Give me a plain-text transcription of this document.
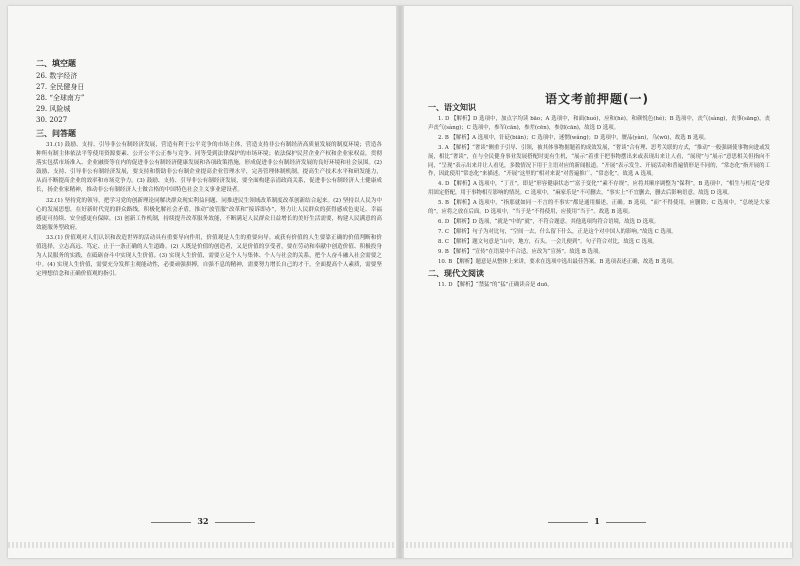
二、填空题
26. 数字经济
27. 全民健身日
28. “全球南方”
29. 风险城
30. 2027
三、问答题

31.(1) 鼓励、支持、引导非公有制经济发展，营造有利于公平竞争的市场主体，营造支持非公有制经济高质量发展的制度环境；营造各种所有制主体依法平等使用资源要素、公开公平公正参与竞争、同等受到法律保护的市场环境；依法保护民营企业产权和企业家权益，贯彻落实包括市场准入、企业融资等在内的促进非公有制经济健康发展和各项政策措施，形成促进非公有制经济发展的良好环境和社会氛围。(2) 鼓励、支持、引导非公有制经济发展，要支持和帮助非公有制企业提高企业管理水平，完善管理体制机制，提高生产技术水平和研发能力，从而不断提高企业的效率和市场竞争力。(3) 鼓励、支持、引导非公有制经济发展，要全面构建亲清政商关系，促进非公有制经济人士健康成长，扬企业家精神，推动非公有制经济人士做合格的中国特色社会主义事业建设者。

32.(1) 坚持党的领导，把学习党的创新理论同解决群众现实利益问题、同推进民生领域改革制度改革创新结合起来。(2) 坚持以人民为中心的发展思想，在好新时代党的群众路线，积极化解社会矛盾，推动“放管服”改革和“接诉即办”，努力让人民群众的获得感成色更足、幸福感更可持续、安全感更有保障。(3) 创新工作机制，持续提升改革服务效能，不断满足人民群众日益增长的美好生活需要，构建人民满意的高效能服务型政府。

33.(1) 价值观对人们认识和改造世界的活动具有重要导向作用，价值观是人生的重要向导。或获有价值的人生要靠正确的价值判断和价值选择，立志高远、笃定、止于一条正确的人生道路。(2) 人既是价值的创造者，又是价值的享受者，要在劳动和奉献中创造价值、积极投身为人民服务的实践，在砥砺奋斗中实现人生价值。(3) 实现人生价值，需要立足个人与集体、个人与社会的关系，把个人奋斗融入社会需要之中。(4) 实现人生价值，需要充分发挥主观能动性，必要顽强拼搏，自强不息的精神，需要努力增长自己的才干，全面提高个人素质，需要坚定理想信念和正确价值观的指引。

32
语文考前押题(一)
一、语文知识

1. D 【解析】D 选项中，加点字均读 bāo；A 选项中，和面(huó)，应和(hè)，和颜悦色(hé)；B 选项中，丧气(sàng)，丧事(sāng)，丧声丧气(sàng)；C 选项中，参军(cān)，参差(cēn)，参加(cān)，故选 D 选项。

2. B 【解析】A 选项中，针砭(biān)；C 选项中，迷惘(wǎng)；D 选项中，赝品(yàn)，乌(wū)，故选 B 选项。

3. A 【解析】“奢谈”侧重于引导、引领，被其体事物据题着的成效发展，“奢谈”合有理、思考关联的方式，“推动”一般强调使事物向进或发展，相比“奢谈”，在与全民健身事业发展搭配时更有生机，“展示”着重于把事物摆出来或表现出来让人看，“展现”与“展示”意思相关但指向不同，“呈现”表示出来并让人看见，多数情况下用于主语对应的新闻报道。“开展”表示发生、开展活动和普遍情形是不同的，“常态化”指开展的工作，因此使用“常态化”来描述。“开展”这里的“相对来说”对普遍推广、“常态化”。故选 A 选项。

4. D 【解析】A 选项中，“丁丑”，即是“形容健康状态”“富于变化”“素不存规”，应将其顺序调整为“保利”。B 选项中，“相生与相克”是常用固定搭配，用于事物相互影响的情况。C 选项中，“麻家乐是”不可删去，“事实上”不宜删去，删去后影响语意。故选 D 选项。

5. B 【解析】A 选项中，“指那就如同一不言的不事实”都是通用描述，正确。B 选项，“而”不得使用，应删除；C 选项中，“总统是大家的”，应将之放在后面。D 选项中，“当于是”不得使用，应使用“当于”。故选 B 选项。

6. D 【解析】D 选项，“就是”中的“就”，不符合题意。其他选项均符合语境，故选 D 选项。

7. C 【解析】句子为对比句，“空间一去，什么留下什么，正是这个对中国人的影响。”故选 C 选项。

8. C 【解析】题文句意是“山中，地方，石头，一会儿便到”。句子符合对比，故选 C 选项。

9. B 【解析】“宣传”在语境中不合适，应改为“宣扬”。故选 B 选项。

10. B 【解析】题意是从整体上来讲，要求在选项中选出最佳答案。B 选项表述正确，故选 B 选项。

二、现代文阅读

11. D 【解析】“禁猛”的“猛”正确读音是 duō。

1
